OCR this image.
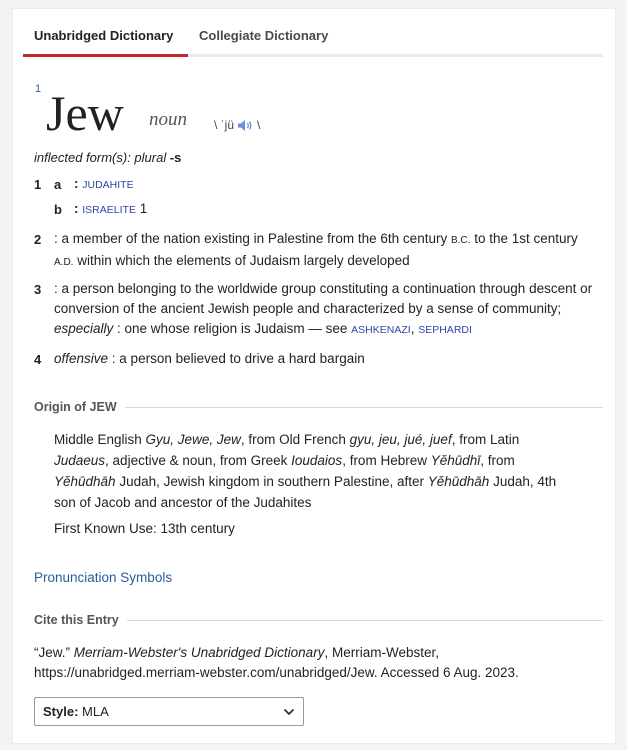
Unabridged Dictionary Collegiate Dictionary
1 Jew noun \ ˈjü \
inflected form(s): plural -s
1 a : JUDAHITE
b : ISRAELITE 1
2 : a member of the nation existing in Palestine from the 6th century B.C. to the 1st century A.D. within which the elements of Judaism largely developed
3 : a person belonging to the worldwide group constituting a continuation through descent or conversion of the ancient Jewish people and characterized by a sense of community; especially : one whose religion is Judaism — see ASHKENAZI, SEPHARDI
4 offensive : a person believed to drive a hard bargain
Origin of JEW
Middle English Gyu, Jewe, Jew, from Old French gyu, jeu, jué, juef, from Latin Judaeus, adjective & noun, from Greek Ioudaios, from Hebrew Yĕhūdhī, from Yĕhūdhāh Judah, Jewish kingdom in southern Palestine, after Yĕhūdhāh Judah, 4th son of Jacob and ancestor of the Judahites
First Known Use: 13th century
Pronunciation Symbols
Cite this Entry
“Jew.” Merriam-Webster's Unabridged Dictionary, Merriam-Webster, https://unabridged.merriam-webster.com/unabridged/Jew. Accessed 6 Aug. 2023.
Style:
MLA
